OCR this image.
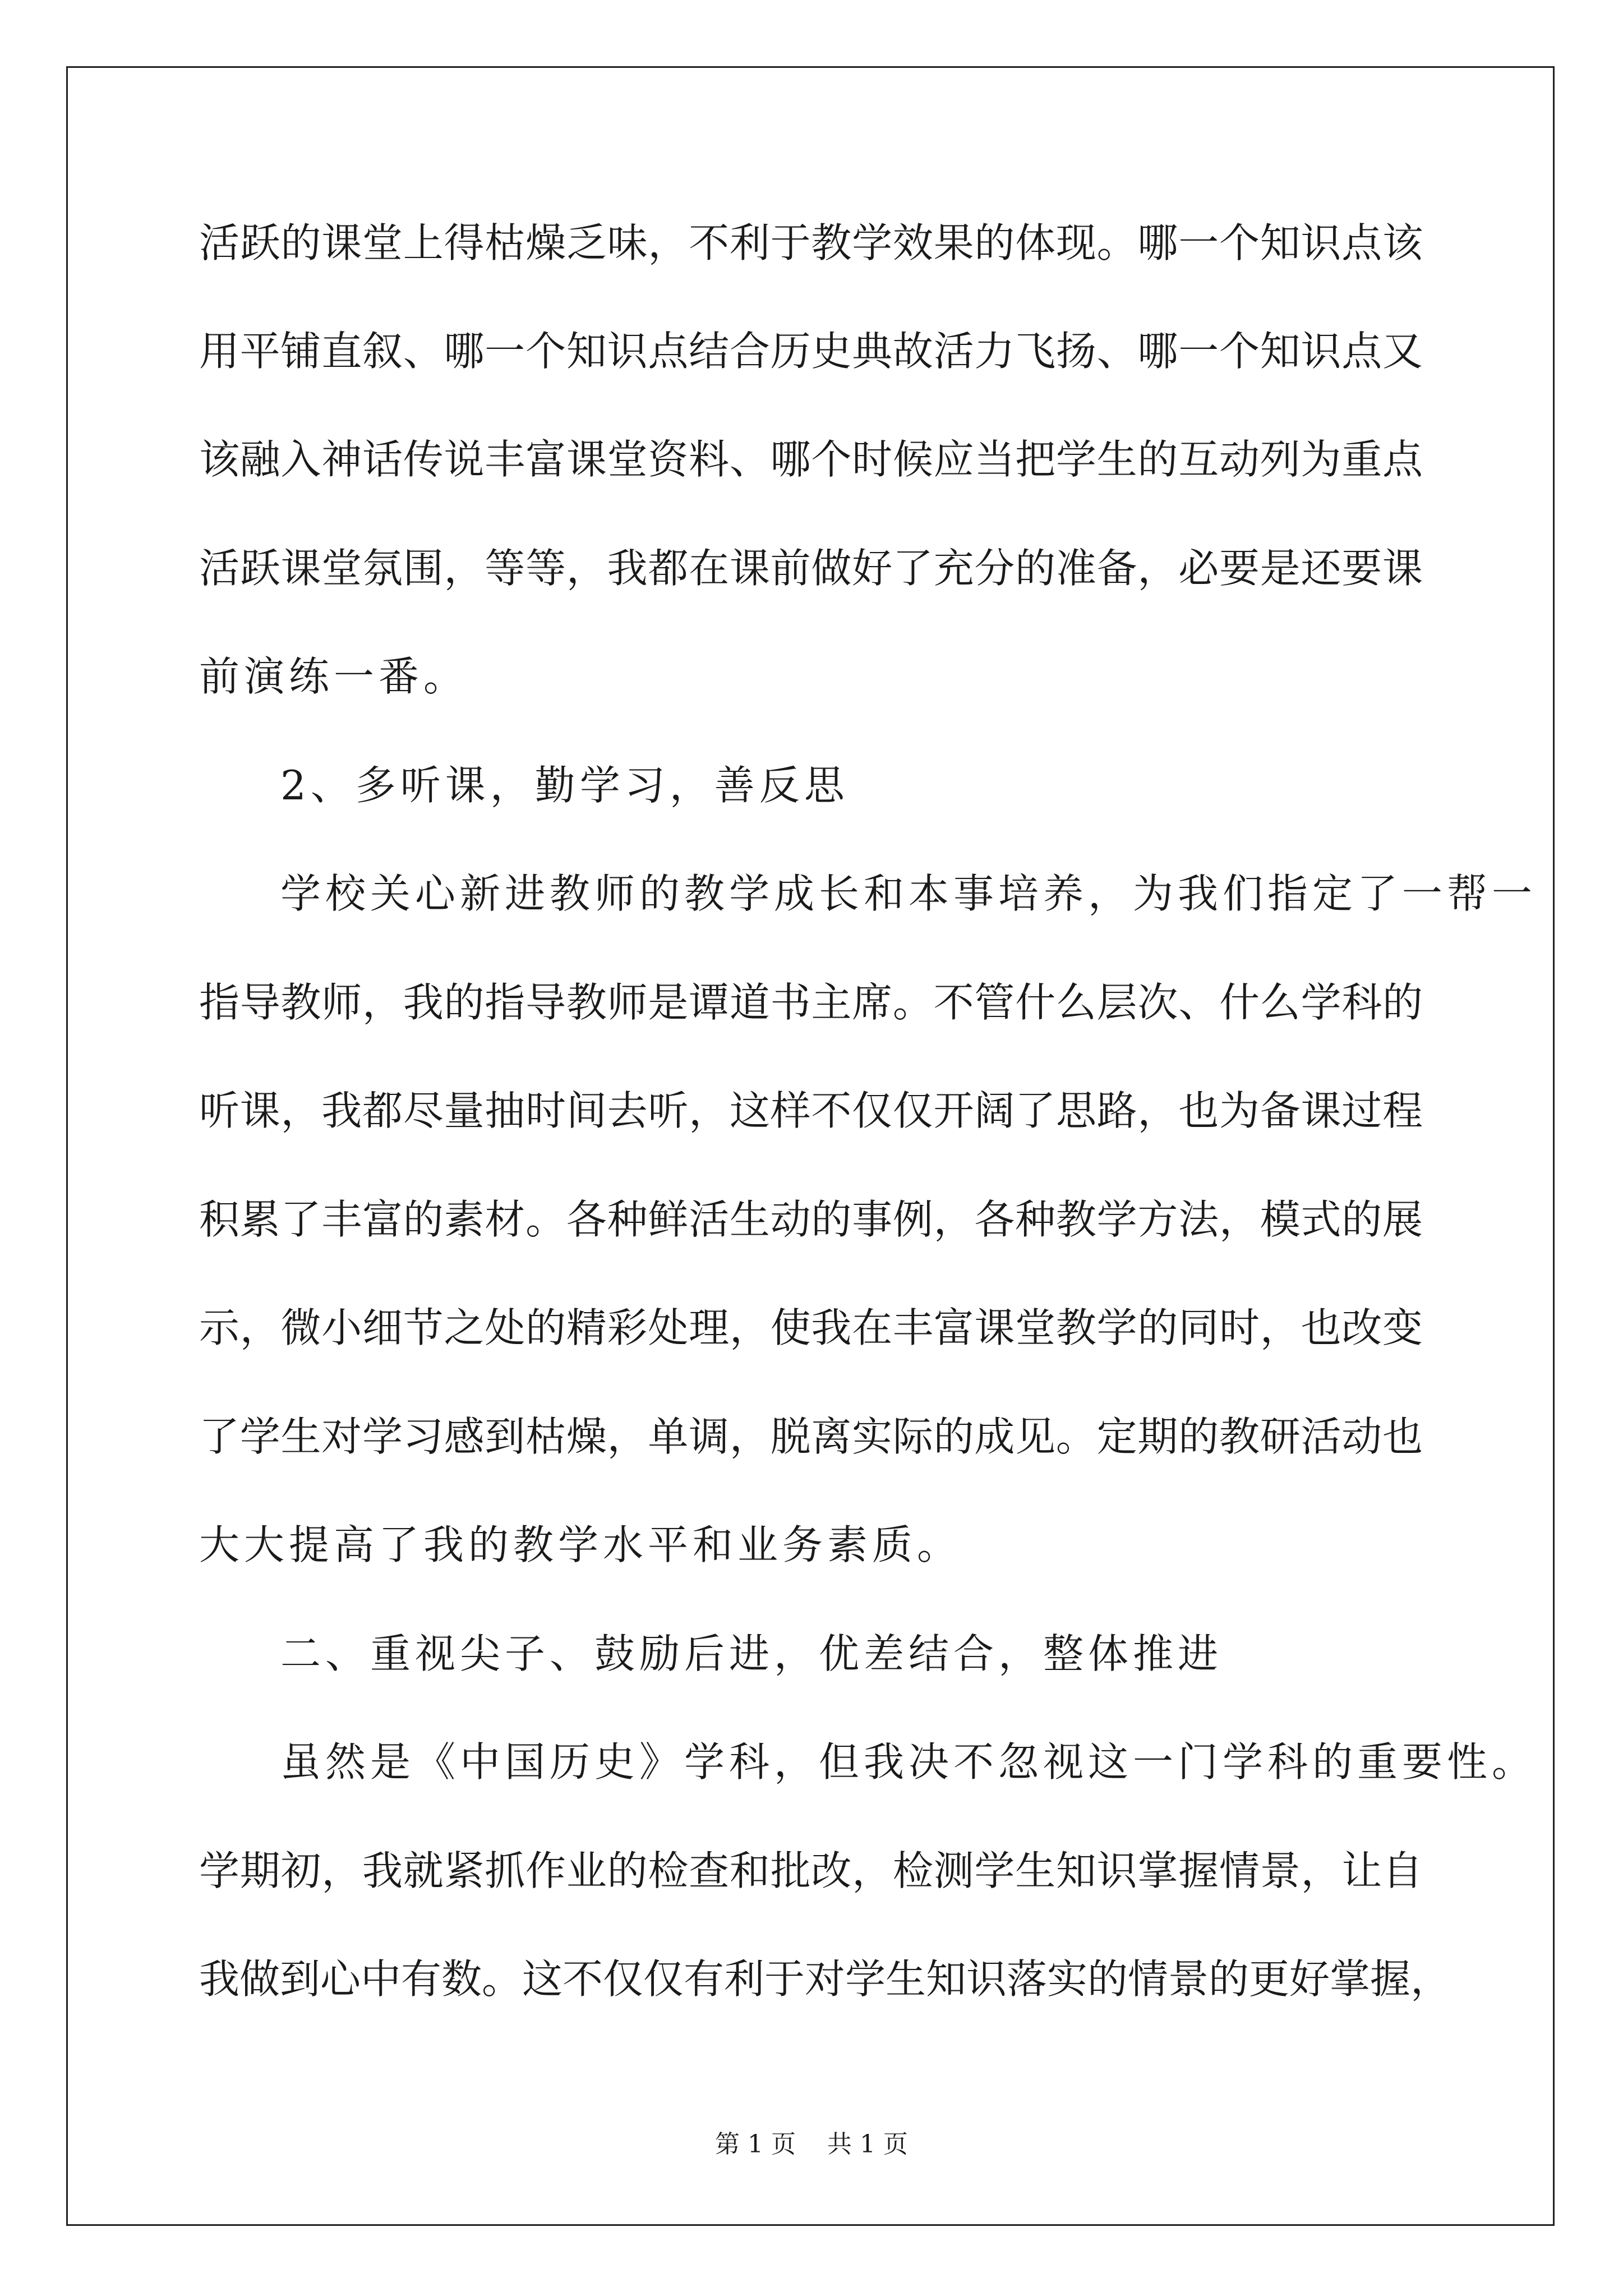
活跃的课堂上得枯燥乏味，不利于教学效果的体现。哪一个知识点该
用平铺直叙、哪一个知识点结合历史典故活力飞扬、哪一个知识点又
该融入神话传说丰富课堂资料、哪个时候应当把学生的互动列为重点
活跃课堂氛围，等等，我都在课前做好了充分的准备，必要是还要课
前演练一番。
2、多听课，勤学习，善反思
学校关心新进教师的教学成长和本事培养，为我们指定了一帮一
指导教师，我的指导教师是谭道书主席。不管什么层次、什么学科的
听课，我都尽量抽时间去听，这样不仅仅开阔了思路，也为备课过程
积累了丰富的素材。各种鲜活生动的事例，各种教学方法，模式的展
示，微小细节之处的精彩处理，使我在丰富课堂教学的同时，也改变
了学生对学习感到枯燥，单调，脱离实际的成见。定期的教研活动也
大大提高了我的教学水平和业务素质。
二、重视尖子、鼓励后进，优差结合，整体推进
虽然是《中国历史》学科，但我决不忽视这一门学科的重要性。
学期初，我就紧抓作业的检查和批改，检测学生知识掌握情景，让自
我做到心中有数。这不仅仅有利于对学生知识落实的情景的更好掌握，
第 1 页    共 1 页
